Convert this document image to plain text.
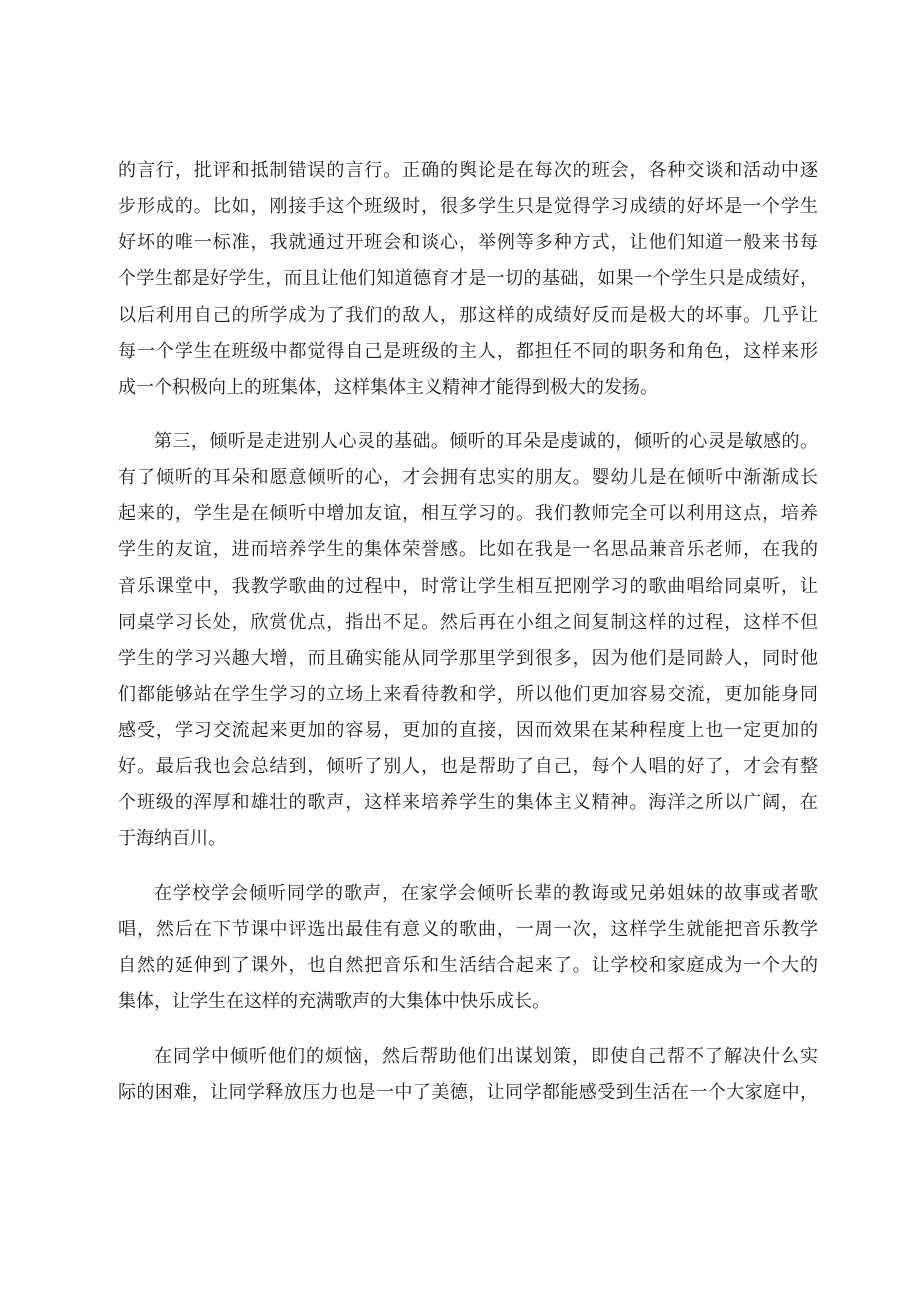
的言行，批评和抵制错误的言行。正确的舆论是在每次的班会，各种交谈和活动中逐
步形成的。比如，刚接手这个班级时，很多学生只是觉得学习成绩的好坏是一个学生
好坏的唯一标准，我就通过开班会和谈心，举例等多种方式，让他们知道一般来书每
个学生都是好学生，而且让他们知道德育才是一切的基础，如果一个学生只是成绩好，
以后利用自己的所学成为了我们的敌人，那这样的成绩好反而是极大的坏事。几乎让
每一个学生在班级中都觉得自己是班级的主人，都担任不同的职务和角色，这样来形
成一个积极向上的班集体，这样集体主义精神才能得到极大的发扬。
第三，倾听是走进别人心灵的基础。倾听的耳朵是虔诚的，倾听的心灵是敏感的。
有了倾听的耳朵和愿意倾听的心，才会拥有忠实的朋友。婴幼儿是在倾听中渐渐成长
起来的，学生是在倾听中增加友谊，相互学习的。我们教师完全可以利用这点，培养
学生的友谊，进而培养学生的集体荣誉感。比如在我是一名思品兼音乐老师，在我的
音乐课堂中，我教学歌曲的过程中，时常让学生相互把刚学习的歌曲唱给同桌听，让
同桌学习长处，欣赏优点，指出不足。然后再在小组之间复制这样的过程，这样不但
学生的学习兴趣大增，而且确实能从同学那里学到很多，因为他们是同龄人，同时他
们都能够站在学生学习的立场上来看待教和学，所以他们更加容易交流，更加能身同
感受，学习交流起来更加的容易，更加的直接，因而效果在某种程度上也一定更加的
好。最后我也会总结到，倾听了别人，也是帮助了自己，每个人唱的好了，才会有整
个班级的浑厚和雄壮的歌声，这样来培养学生的集体主义精神。海洋之所以广阔，在
于海纳百川。
在学校学会倾听同学的歌声，在家学会倾听长辈的教诲或兄弟姐妹的故事或者歌
唱，然后在下节课中评选出最佳有意义的歌曲，一周一次，这样学生就能把音乐教学
自然的延伸到了课外，也自然把音乐和生活结合起来了。让学校和家庭成为一个大的
集体，让学生在这样的充满歌声的大集体中快乐成长。
在同学中倾听他们的烦恼，然后帮助他们出谋划策，即使自己帮不了解决什么实
际的困难，让同学释放压力也是一中了美德，让同学都能感受到生活在一个大家庭中，
